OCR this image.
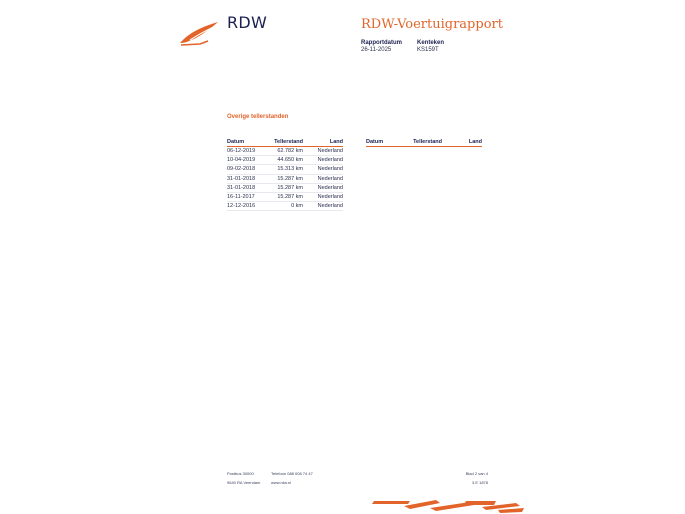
RDW	RDW-Voertuigrapport
Rapportdatum
26-11-2025
Kenteken
KS159T
Overige tellerstanden
Datum	Tellerstand	Land
06-12-2019	62.782 km	Nederland
10-04-2019	44.650 km	Nederland
09-02-2018	15.313 km	Nederland
31-01-2018	15.287 km	Nederland
31-01-2018	15.287 km	Nederland
16-11-2017	15.287 km	Nederland
12-12-2016	0 km	Nederland
Datum	Tellerstand	Land
Postbus 30000
9640 RA Veendam
Telefoon 088 008 74 47
www.rdw.nl
Blad 2 van 4
3.E 1878
